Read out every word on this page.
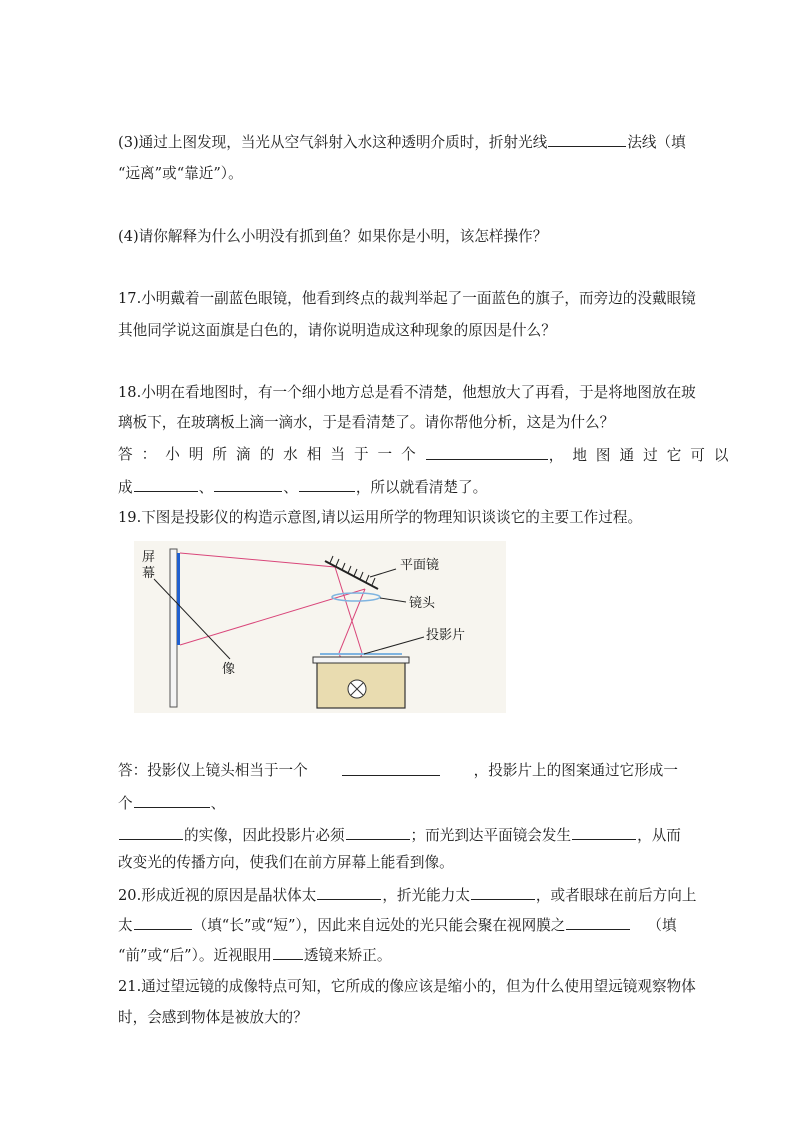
(3)通过上图发现，当光从空气斜射入水这种透明介质时，折射光线	法线（填
“远离”或“靠近”）。
(4)请你解释为什么小明没有抓到鱼？如果你是小明，该怎样操作？
17.小明戴着一副蓝色眼镜，他看到终点的裁判举起了一面蓝色的旗子，而旁边的没戴眼镜
其他同学说这面旗是白色的，请你说明造成这种现象的原因是什么？
18.小明在看地图时，有一个细小地方总是看不清楚，他想放大了再看，于是将地图放在玻
璃板下，在玻璃板上滴一滴水，于是看清楚了。请你帮他分析，这是为什么？
答：小明所滴的水相当于一个	，地图通过它可以
成	、	、	，所以就看清楚了。
19.下图是投影仪的构造示意图,请以运用所学的物理知识谈谈它的主要工作过程。
屏
幕
像
平面镜
镜头
投影片
答：投影仪上镜头相当于一个	，投影片上的图案通过它形成一
个	、
的实像，因此投影片必须	；而光到达平面镜会发生	，从而
改变光的传播方向，使我们在前方屏幕上能看到像。
20.形成近视的原因是晶状体太	，折光能力太	，或者眼球在前后方向上
太	（填“长”或“短”），因此来自远处的光只能会聚在视网膜之	（填
“前”或“后”）。近视眼用 透镜来矫正。
21.通过望远镜的成像特点可知，它所成的像应该是缩小的，但为什么使用望远镜观察物体
时，会感到物体是被放大的？
